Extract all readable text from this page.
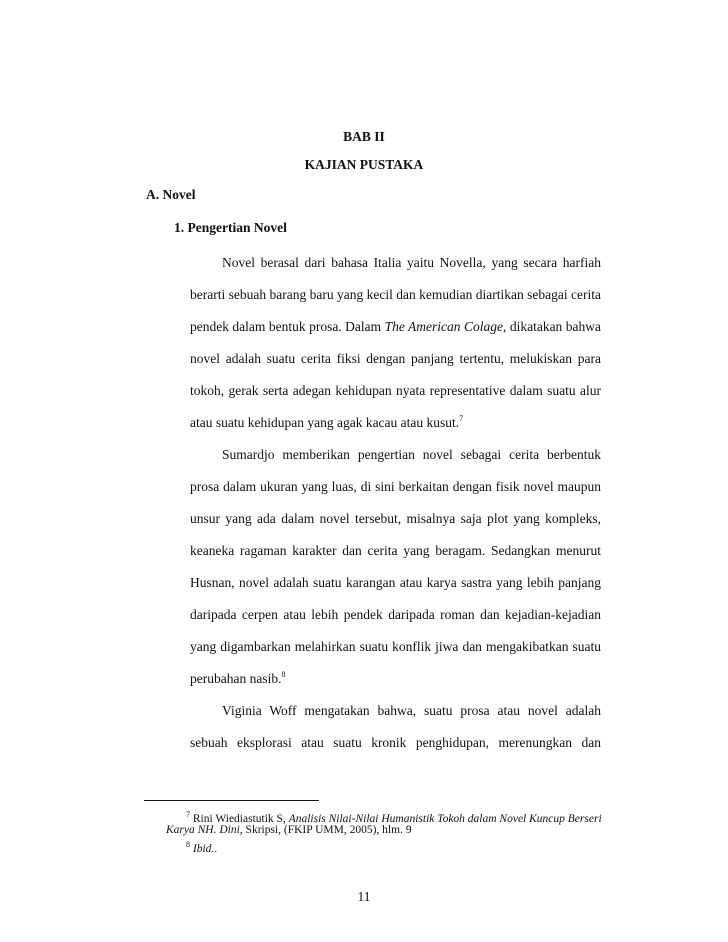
BAB II
KAJIAN PUSTAKA
A. Novel
1. Pengertian Novel
Novel berasal dari bahasa Italia yaitu Novella, yang secara harfiah
berarti sebuah barang baru yang kecil dan kemudian diartikan sebagai cerita
pendek dalam bentuk prosa. Dalam The American Colage, dikatakan bahwa
novel adalah suatu cerita fiksi dengan panjang tertentu, melukiskan para
tokoh, gerak serta adegan kehidupan nyata representative dalam suatu alur
atau suatu kehidupan yang agak kacau atau kusut.$^7$
Sumardjo memberikan pengertian novel sebagai cerita berbentuk
prosa dalam ukuran yang luas, di sini berkaitan dengan fisik novel maupun
unsur yang ada dalam novel tersebut, misalnya saja plot yang kompleks,
keaneka ragaman karakter dan cerita yang beragam. Sedangkan menurut
Husnan, novel adalah suatu karangan atau karya sastra yang lebih panjang
daripada cerpen atau lebih pendek daripada roman dan kejadian-kejadian
yang digambarkan melahirkan suatu konflik jiwa dan mengakibatkan suatu
perubahan nasib.$^8$
Viginia Woff mengatakan bahwa, suatu prosa atau novel adalah
sebuah eksplorasi atau suatu kronik penghidupan, merenungkan dan
$^7$ Rini Wiediastutik S, Analisis Nilai-Nilai Humanistik Tokoh dalam Novel Kuncup Berseri
Karya NH. Dini, Skripsi, (FKIP UMM, 2005), hlm. 9
$^8$ Ibid..
11
